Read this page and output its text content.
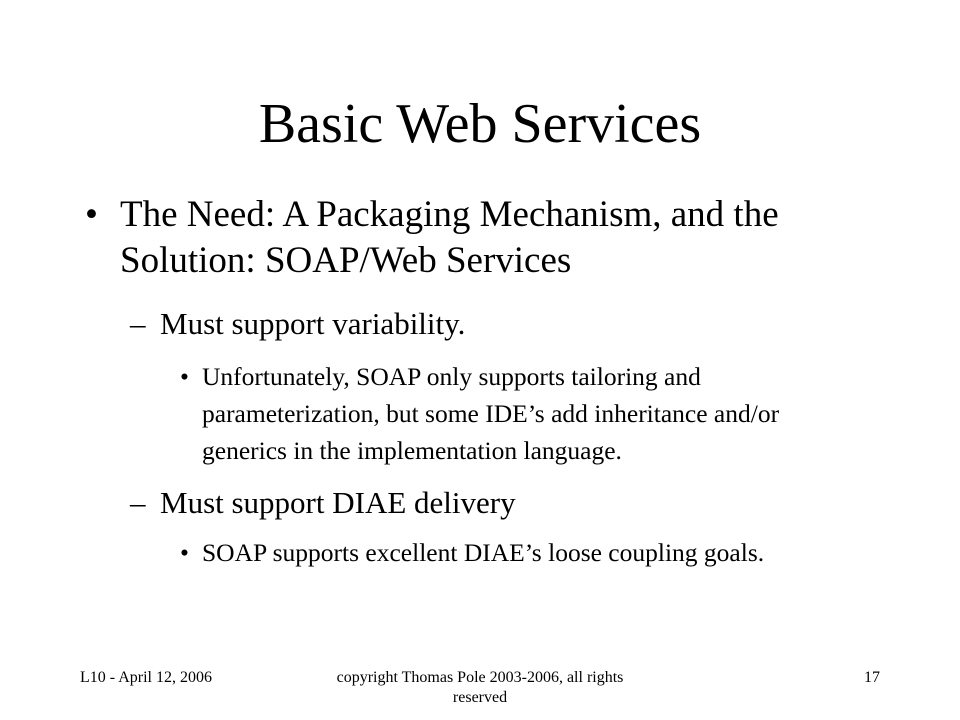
Basic Web Services
• The Need: A Packaging Mechanism, and the Solution: SOAP/Web Services
– Must support variability.
• Unfortunately, SOAP only supports tailoring and parameterization, but some IDE’s add inheritance and/or generics in the implementation language.
– Must support DIAE delivery
• SOAP supports excellent DIAE’s loose coupling goals.

L10 - April 12, 2006	copyright Thomas Pole 2003-2006, all rights reserved

17
